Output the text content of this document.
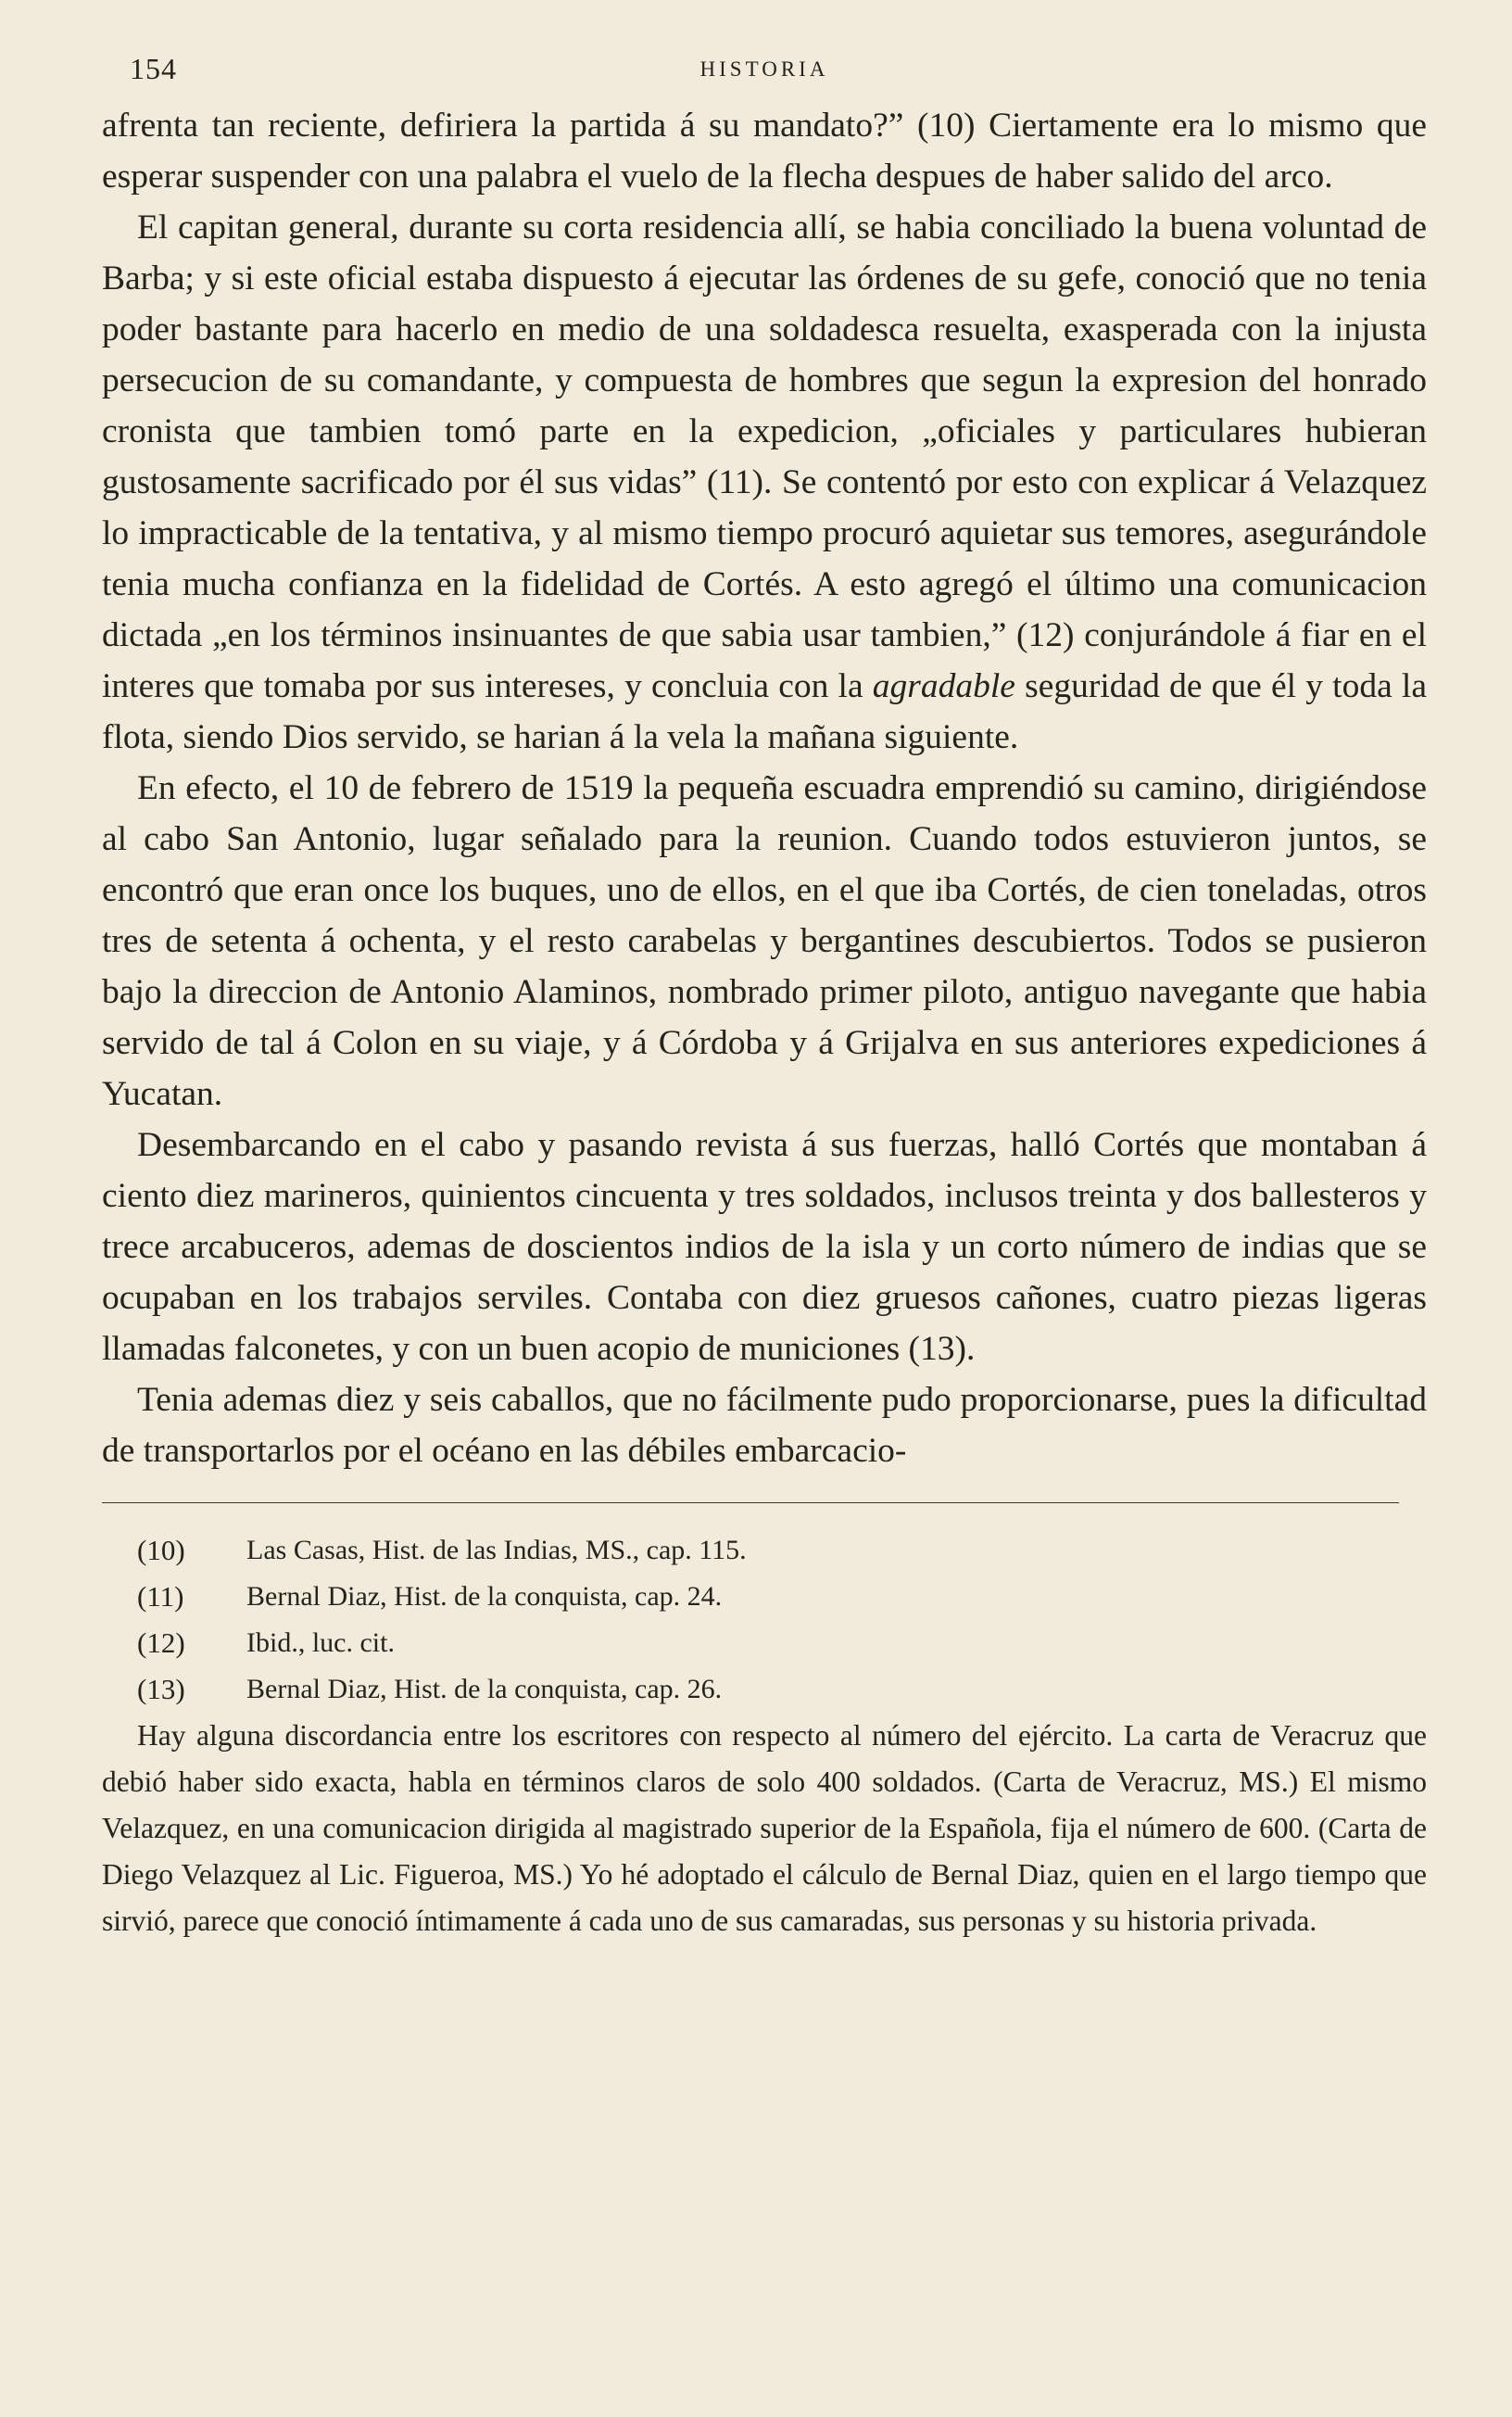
154	HISTORIA

afrenta tan reciente, defiriera la partida á su mandato?” (10) Ciertamente era lo mismo que esperar suspender con una palabra el vuelo de la flecha despues de haber salido del arco.

El capitan general, durante su corta residencia allí, se habia conciliado la buena voluntad de Barba; y si este oficial estaba dispuesto á ejecutar las órdenes de su gefe, conoció que no tenia poder bastante para hacerlo en medio de una soldadesca resuelta, exasperada con la injusta persecucion de su comandante, y compuesta de hombres que segun la expresion del honrado cronista que tambien tomó parte en la expedicion, „oficiales y particulares hubieran gustosamente sacrificado por él sus vidas” (11). Se contentó por esto con explicar á Velazquez lo impracticable de la tentativa, y al mismo tiempo procuró aquietar sus temores, asegurándole tenia mucha confianza en la fidelidad de Cortés. A esto agregó el último una comunicacion dictada „en los términos insinuantes de que sabia usar tambien,” (12) conjurándole á fiar en el interes que tomaba por sus intereses, y concluia con la agradable seguridad de que él y toda la flota, siendo Dios servido, se harian á la vela la mañana siguiente.

En efecto, el 10 de febrero de 1519 la pequeña escuadra emprendió su camino, dirigiéndose al cabo San Antonio, lugar señalado para la reunion. Cuando todos estuvieron juntos, se encontró que eran once los buques, uno de ellos, en el que iba Cortés, de cien toneladas, otros tres de setenta á ochenta, y el resto carabelas y bergantines descubiertos. Todos se pusieron bajo la direccion de Antonio Alaminos, nombrado primer piloto, antiguo navegante que habia servido de tal á Colon en su viaje, y á Córdoba y á Grijalva en sus anteriores expediciones á Yucatan.

Desembarcando en el cabo y pasando revista á sus fuerzas, halló Cortés que montaban á ciento diez marineros, quinientos cincuenta y tres soldados, inclusos treinta y dos ballesteros y trece arcabuceros, ademas de doscientos indios de la isla y un corto número de indias que se ocupaban en los trabajos serviles. Contaba con diez gruesos cañones, cuatro piezas ligeras llamadas falconetes, y con un buen acopio de municiones (13).

Tenia ademas diez y seis caballos, que no fácilmente pudo proporcionarse, pues la dificultad de transportarlos por el océano en las débiles embarcacio-

(10)	Las Casas, Hist. de las Indias, MS., cap. 115.
(11)	Bernal Diaz, Hist. de la conquista, cap. 24.
(12)	Ibid., luc. cit.
(13)	Bernal Diaz, Hist. de la conquista, cap. 26.

Hay alguna discordancia entre los escritores con respecto al número del ejército. La carta de Veracruz que debió haber sido exacta, habla en términos claros de solo 400 soldados. (Carta de Veracruz, MS.) El mismo Velazquez, en una comunicacion dirigida al magistrado superior de la Española, fija el número de 600. (Carta de Diego Velazquez al Lic. Figueroa, MS.) Yo hé adoptado el cálculo de Bernal Diaz, quien en el largo tiempo que sirvió, parece que conoció íntimamente á cada uno de sus camaradas, sus personas y su historia privada.
